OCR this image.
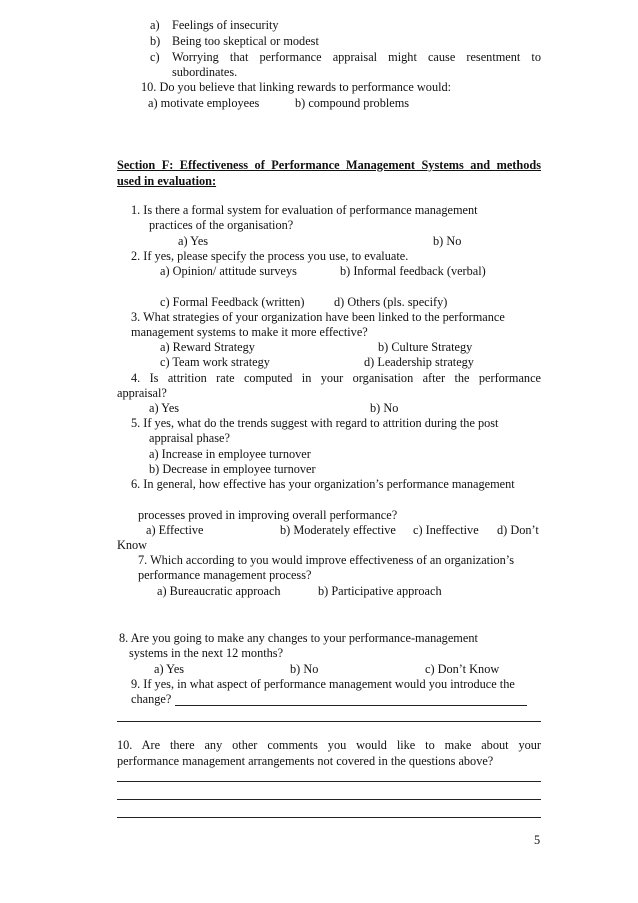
a) Feelings of insecurity
b) Being too skeptical or modest
c) Worrying that performance appraisal might cause resentment to
subordinates.
10. Do you believe that linking rewards to performance would:
a) motivate employees	b) compound problems
Section F: Effectiveness of Performance Management Systems and methods
used in evaluation:
1. Is there a formal system for evaluation of performance management
practices of the organisation?
a) Yes	b) No
2. If yes, please specify the process you use, to evaluate.
a) Opinion/ attitude surveys	b) Informal feedback (verbal)
c) Formal Feedback (written) d) Others (pls. specify)
3. What strategies of your organization have been linked to the performance
management systems to make it more effective?
a) Reward Strategy	b) Culture Strategy
c) Team work strategy	d) Leadership strategy
4. Is attrition rate computed in your organisation after the performance
appraisal?
a) Yes	b) No
5. If yes, what do the trends suggest with regard to attrition during the post
appraisal phase?
a) Increase in employee turnover
b) Decrease in employee turnover
6. In general, how effective has your organization’s performance management
processes proved in improving overall performance?
a) Effective	b) Moderately effective c) Ineffective d) Don’t
Know
7. Which according to you would improve effectiveness of an organization’s
performance management process?
a) Bureaucratic approach	b) Participative approach
8. Are you going to make any changes to your performance-management
systems in the next 12 months?
a) Yes	b) No	c) Don’t Know
9. If yes, in what aspect of performance management would you introduce the
change?
10. Are there any other comments you would like to make about your
performance management arrangements not covered in the questions above?
5
